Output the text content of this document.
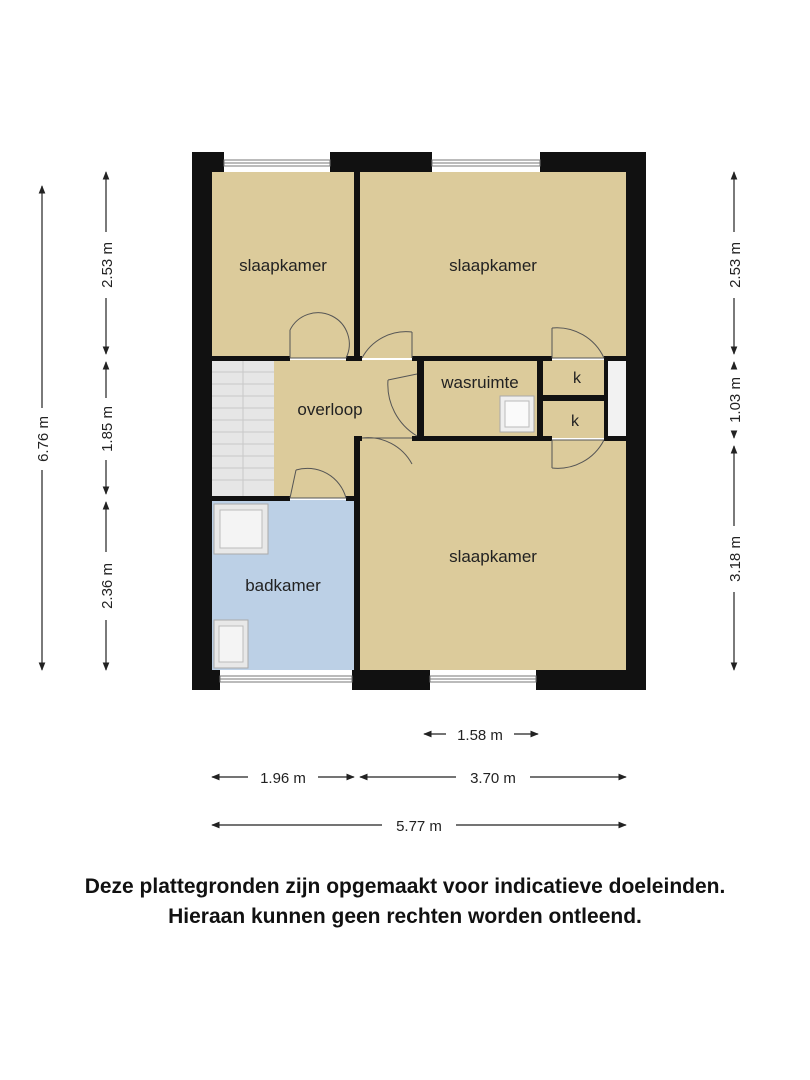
slaapkamer	slaapkamer
overloop
wasruimte	k
k
slaapkamer
badkamer
6.76 m
2.53 m
1.85 m
2.36 m
2.53 m
1.03 m
3.18 m
1.58 m
1.96 m	3.70 m
5.77 m
Deze plattegronden zijn opgemaakt voor indicatieve doeleinden.
Hieraan kunnen geen rechten worden ontleend.
